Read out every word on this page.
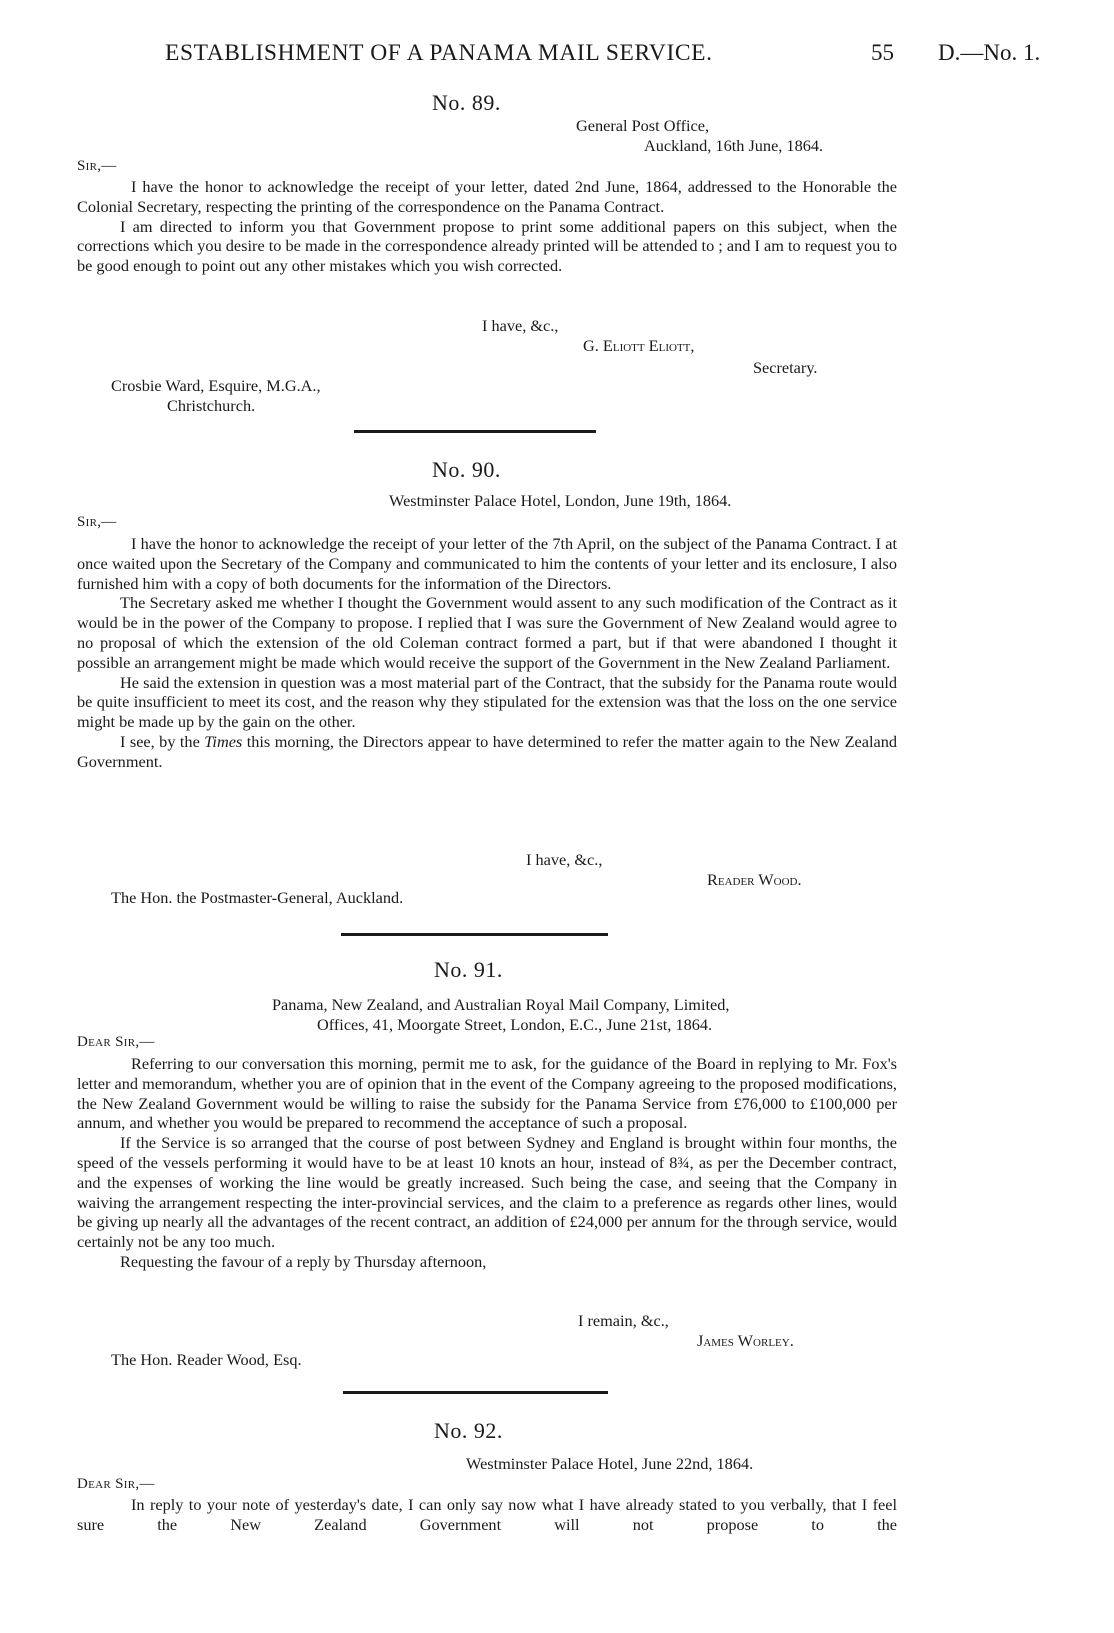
ESTABLISHMENT OF A PANAMA MAIL SERVICE.	55 D.—No. 1.
No. 89.
General Post Office,
Auckland, 16th June, 1864.
Sir,—

I have the honor to acknowledge the receipt of your letter, dated 2nd June, 1864, addressed to the Honorable the Colonial Secretary, respecting the printing of the correspondence on the Panama Contract.

I am directed to inform you that Government propose to print some additional papers on this subject, when the corrections which you desire to be made in the correspondence already printed will be attended to ; and I am to request you to be good enough to point out any other mistakes which you wish corrected.

I have, &c.,
G. Eliott Eliott,
Secretary.
Crosbie Ward, Esquire, M.G.A.,
Christchurch.
No. 90.
Westminster Palace Hotel, London, June 19th, 1864.
Sir,—

I have the honor to acknowledge the receipt of your letter of the 7th April, on the subject of the Panama Contract. I at once waited upon the Secretary of the Company and communicated to him the contents of your letter and its enclosure, I also furnished him with a copy of both documents for the information of the Directors.

The Secretary asked me whether I thought the Government would assent to any such modification of the Contract as it would be in the power of the Company to propose. I replied that I was sure the Government of New Zealand would agree to no proposal of which the extension of the old Coleman contract formed a part, but if that were abandoned I thought it possible an arrangement might be made which would receive the support of the Government in the New Zealand Parliament.

He said the extension in question was a most material part of the Contract, that the subsidy for the Panama route would be quite insufficient to meet its cost, and the reason why they stipulated for the extension was that the loss on the one service might be made up by the gain on the other.

I see, by the Times this morning, the Directors appear to have determined to refer the matter again to the New Zealand Government.

I have, &c.,
Reader Wood.
The Hon. the Postmaster-General, Auckland.
No. 91.
Panama, New Zealand, and Australian Royal Mail Company, Limited,
Offices, 41, Moorgate Street, London, E.C., June 21st, 1864.
Dear Sir,—

Referring to our conversation this morning, permit me to ask, for the guidance of the Board in replying to Mr. Fox's letter and memorandum, whether you are of opinion that in the event of the Company agreeing to the proposed modifications, the New Zealand Government would be willing to raise the subsidy for the Panama Service from £76,000 to £100,000 per annum, and whether you would be prepared to recommend the acceptance of such a proposal.

If the Service is so arranged that the course of post between Sydney and England is brought within four months, the speed of the vessels performing it would have to be at least 10 knots an hour, instead of 8¾, as per the December contract, and the expenses of working the line would be greatly increased. Such being the case, and seeing that the Company in waiving the arrangement respecting the inter-provincial services, and the claim to a preference as regards other lines, would be giving up nearly all the advantages of the recent contract, an addition of £24,000 per annum for the through service, would certainly not be any too much.

Requesting the favour of a reply by Thursday afternoon,

I remain, &c.,
James Worley.
The Hon. Reader Wood, Esq.
No. 92.
Westminster Palace Hotel, June 22nd, 1864.
Dear Sir,—

In reply to your note of yesterday's date, I can only say now what I have already stated to you verbally, that I feel sure the New Zealand Government will not propose to the
